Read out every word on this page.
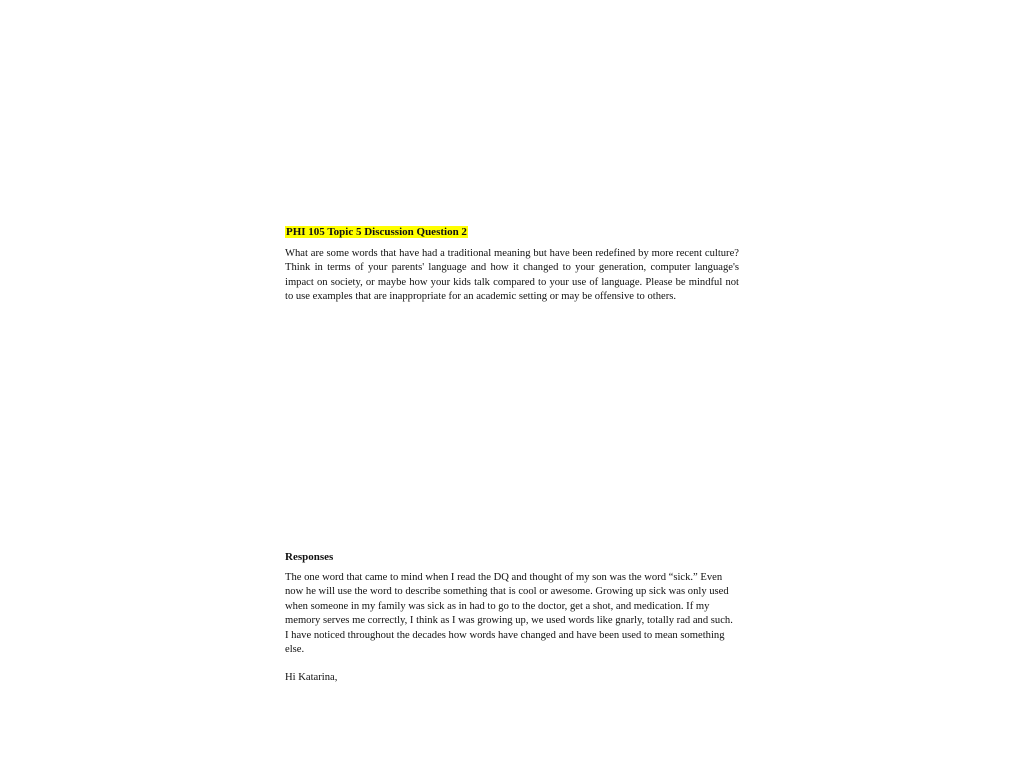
PHI 105 Topic 5 Discussion Question 2

What are some words that have had a traditional meaning but have been redefined by more recent culture? Think in terms of your parents' language and how it changed to your generation, computer language's impact on society, or maybe how your kids talk compared to your use of language. Please be mindful not to use examples that are inappropriate for an academic setting or may be offensive to others.

Responses

The one word that came to mind when I read the DQ and thought of my son was the word “sick.” Even now he will use the word to describe something that is cool or awesome. Growing up sick was only used when someone in my family was sick as in had to go to the doctor, get a shot, and medication. If my memory serves me correctly, I think as I was growing up, we used words like gnarly, totally rad and such. I have noticed throughout the decades how words have changed and have been used to mean something else.

Hi Katarina,
